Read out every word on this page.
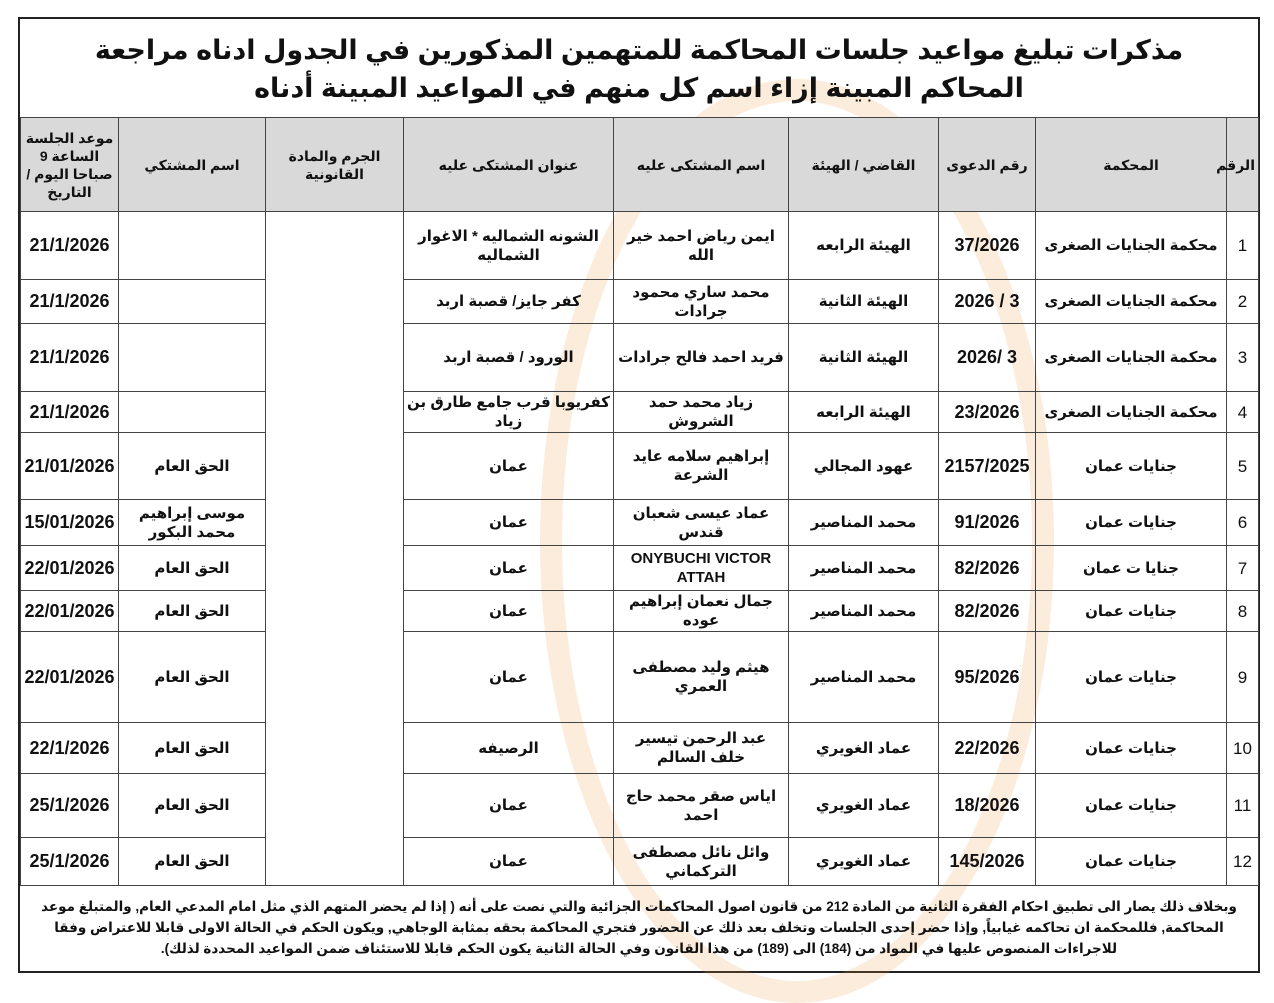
مذكرات تبليغ مواعيد جلسات المحاكمة للمتهمين المذكورين في الجدول ادناه مراجعة المحاكم المبينة إزاء اسم كل منهم في المواعيد المبينة أدناه
الرقم	المحكمة	رقم الدعوى	القاضي / الهيئة	اسم المشتكى عليه	عنوان المشتكى عليه	الجرم والمادة القانونية	اسم المشتكي	موعد الجلسة الساعة 9 صباحا اليوم / التاريخ
1	محكمة الجنايات الصغرى	37/2026	الهيئة الرابعه	ايمن رياض احمد خير الله	الشونه الشماليه * الاغوار الشماليه			21/1/2026
2	محكمة الجنايات الصغرى	3 / 2026	الهيئة الثانية	محمد ساري محمود جرادات	كفر جايز/ قصبة اربد			21/1/2026
3	محكمة الجنايات الصغرى	3 /2026	الهيئة الثانية	فريد احمد فالح جرادات	الورود / قصبة اربد			21/1/2026
4	محكمة الجنايات الصغرى	23/2026	الهيئة الرابعه	زياد محمد حمد الشروش	كفريوبا قرب جامع طارق بن زياد			21/1/2026
5	جنايات عمان	2157/2025	عهود المجالي	إبراهيم سلامه عايد الشرعة	عمان		الحق العام	21/01/2026
6	جنايات عمان	91/2026	محمد المناصير	عماد عيسى شعبان قندس	عمان		موسى إبراهيم محمد البكور	15/01/2026
7	جنايا ت عمان	82/2026	محمد المناصير	ONYBUCHI VICTOR ATTAH	عمان		الحق العام	22/01/2026
8	جنايات عمان	82/2026	محمد المناصير	جمال نعمان إبراهيم عوده	عمان		الحق العام	22/01/2026
9	جنايات عمان	95/2026	محمد المناصير	هيثم وليد مصطفى العمري	عمان		الحق العام	22/01/2026
10	جنايات عمان	22/2026	عماد الغويري	عبد الرحمن تيسير خلف السالم	الرصيفه		الحق العام	22/1/2026
11	جنايات عمان	18/2026	عماد الغويري	اياس صقر محمد حاج احمد	عمان		الحق العام	25/1/2026
12	جنايات عمان	145/2026	عماد الغويري	وائل نائل مصطفى التركماني	عمان		الحق العام	25/1/2026
وبخلاف ذلك يصار الى تطبيق احكام الفقرة الثانية من المادة 212 من قانون اصول المحاكمات الجزائية والتي نصت على أنه ( إذا لم يحضر المتهم الذي مثل امام المدعي العام, والمتبلغ موعد المحاكمة, فللمحكمة ان تحاكمه غيابياً, وإذا حضر إحدى الجلسات وتخلف بعد ذلك عن الحضور فتجري المحاكمة بحقه بمثابة الوجاهي, ويكون الحكم في الحالة الاولى قابلا للاعتراض وفقا للاجراءات المنصوص عليها في المواد من (184) الى (189) من هذا القانون وفي الحالة الثانية يكون الحكم قابلا للاستئناف ضمن المواعيد المحددة لذلك).
